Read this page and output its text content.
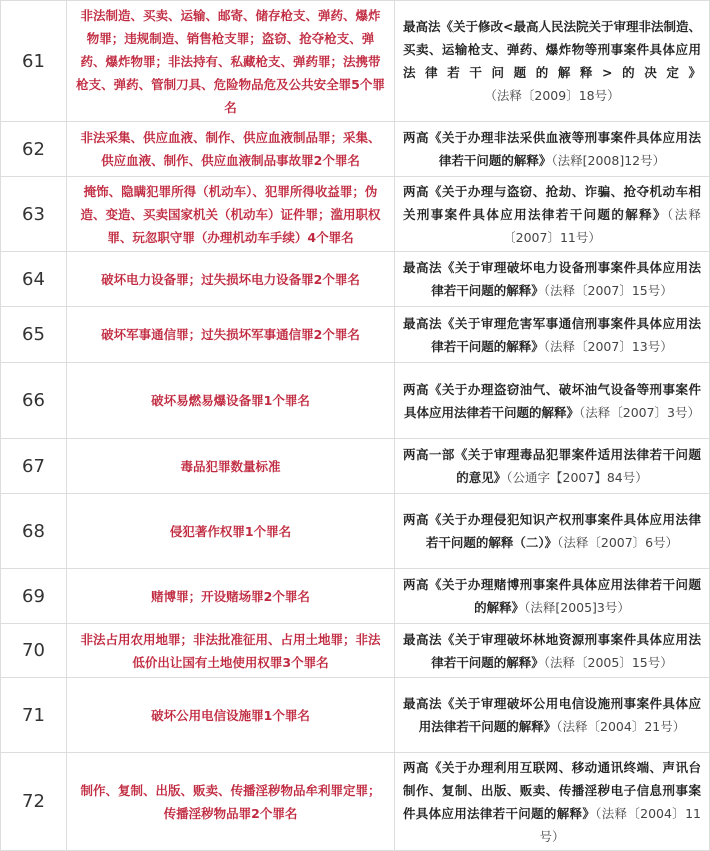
61	非法制造、买卖、运输、邮寄、储存枪支、弹药、爆炸物罪；违规制造、销售枪支罪；盗窃、抢夺枪支、弹药、爆炸物罪；非法持有、私藏枪支、弹药罪；法携带枪支、弹药、管制刀具、危险物品危及公共安全罪5个罪名	最高法《关于修改<最高人民法院关于审理非法制造、买卖、运输枪支、弹药、爆炸物等刑事案件具体应用法律若干问题的解释>的决定》（法释〔2009〕18号）
62	非法采集、供应血液、制作、供应血液制品罪；采集、供应血液、制作、供应血液制品事故罪2个罪名	两高《关于办理非法采供血液等刑事案件具体应用法律若干问题的解释》（法释[2008]12号）
63	掩饰、隐瞒犯罪所得（机动车）、犯罪所得收益罪；伪造、变造、买卖国家机关（机动车）证件罪；滥用职权罪、玩忽职守罪（办理机动车手续）4个罪名	两高《关于办理与盗窃、抢劫、诈骗、抢夺机动车相关刑事案件具体应用法律若干问题的解释》（法释〔2007〕11号）
64	破坏电力设备罪；过失损坏电力设备罪2个罪名	最高法《关于审理破坏电力设备刑事案件具体应用法律若干问题的解释》（法释〔2007〕15号）
65	破坏军事通信罪；过失损坏军事通信罪2个罪名	最高法《关于审理危害军事通信刑事案件具体应用法律若干问题的解释》（法释〔2007〕13号）
66	破坏易燃易爆设备罪1个罪名	两高《关于办理盗窃油气、破坏油气设备等刑事案件具体应用法律若干问题的解释》（法释〔2007〕3号）
67	毒品犯罪数量标准	两高一部《关于审理毒品犯罪案件适用法律若干问题的意见》（公通字【2007】84号）
68	侵犯著作权罪1个罪名	两高《关于办理侵犯知识产权刑事案件具体应用法律若干问题的解释（二）》（法释〔2007〕6号）
69	赌博罪；开设赌场罪2个罪名	两高《关于办理赌博刑事案件具体应用法律若干问题的解释》（法释[2005]3号）
70	非法占用农用地罪；非法批准征用、占用土地罪；非法低价出让国有土地使用权罪3个罪名	最高法《关于审理破坏林地资源刑事案件具体应用法律若干问题的解释》（法释〔2005〕15号）
71	破坏公用电信设施罪1个罪名	最高法《关于审理破坏公用电信设施刑事案件具体应用法律若干问题的解释》（法释〔2004〕21号）
72	制作、复制、出版、贩卖、传播淫秽物品牟利罪定罪；传播淫秽物品罪2个罪名	两高《关于办理利用互联网、移动通讯终端、声讯台制作、复制、出版、贩卖、传播淫秽电子信息刑事案件具体应用法律若干问题的解释》（法释〔2004〕11号）
